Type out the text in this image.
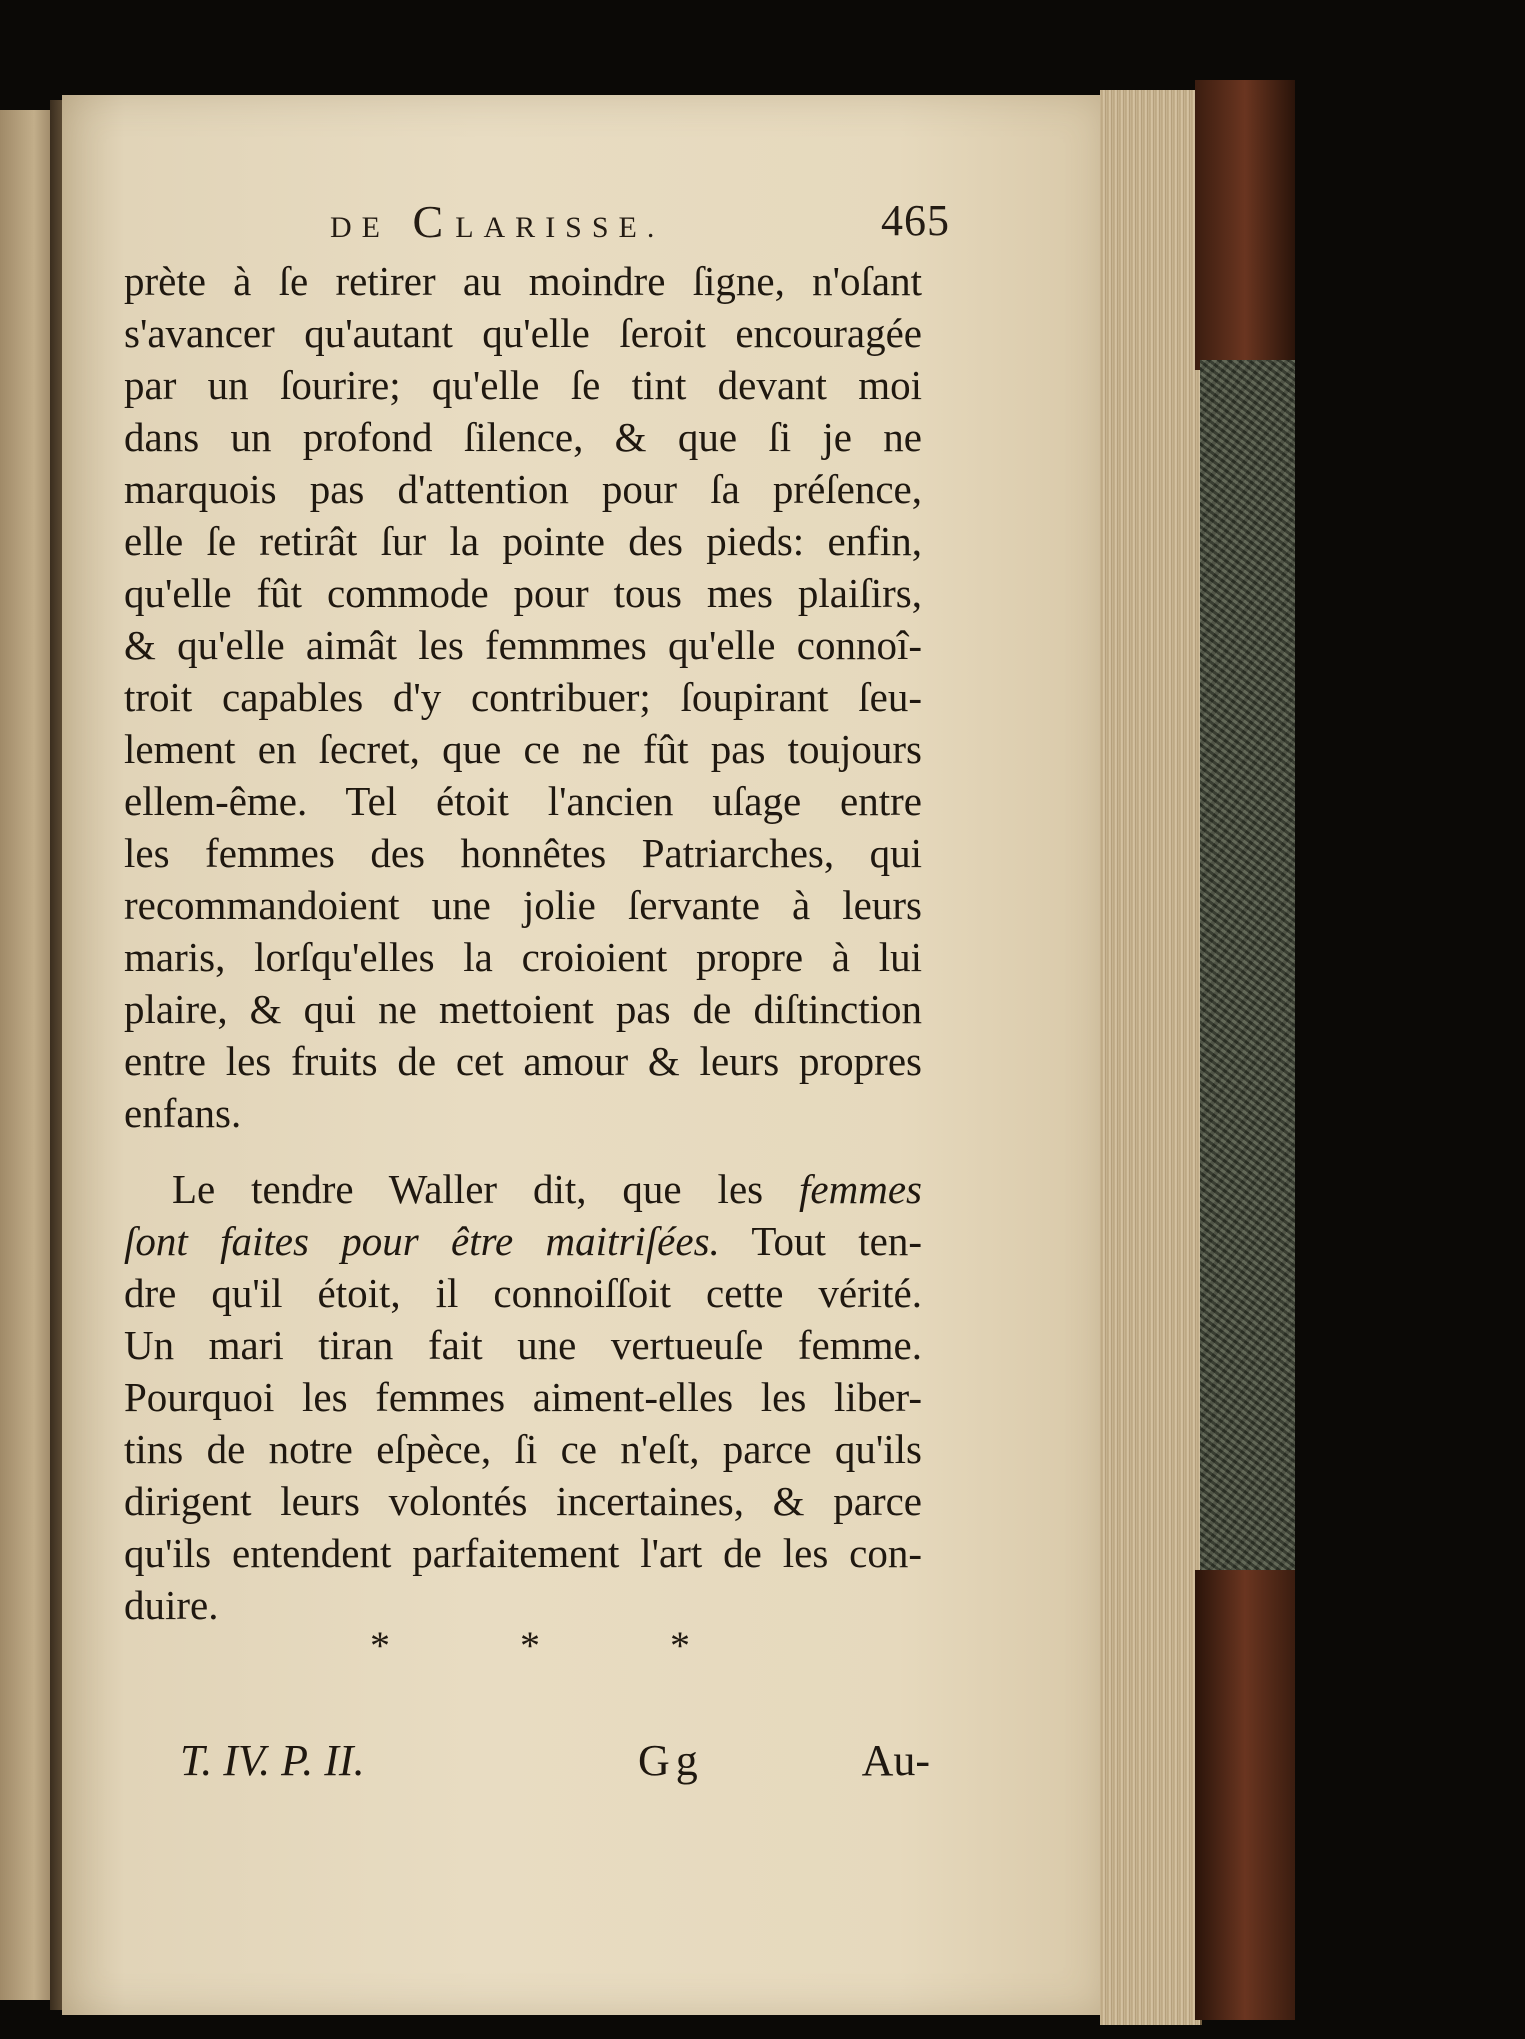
DE CLARISSE.	465
prète à ſe retirer au moindre ſigne, n'oſant
s'avancer qu'autant qu'elle ſeroit encouragée
par un ſourire; qu'elle ſe tint devant moi
dans un profond ſilence, & que ſi je ne
marquois pas d'attention pour ſa préſence,
elle ſe retirât ſur la pointe des pieds: enfin,
qu'elle fût commode pour tous mes plaiſirs,
& qu'elle aimât les femmmes qu'elle connoî-
troit capables d'y contribuer; ſoupirant ſeu-
lement en ſecret, que ce ne fût pas toujours
ellem-ême. Tel étoit l'ancien uſage entre
les femmes des honnêtes Patriarches, qui
recommandoient une jolie ſervante à leurs
maris, lorſqu'elles la croioient propre à lui
plaire, & qui ne mettoient pas de diſtinction
entre les fruits de cet amour & leurs propres
enfans.
Le tendre Waller dit, que les femmes
ſont faites pour être maitriſées. Tout ten-
dre qu'il étoit, il connoiſſoit cette vérité.
Un mari tiran fait une vertueuſe femme.
Pourquoi les femmes aiment-elles les liber-
tins de notre eſpèce, ſi ce n'eſt, parce qu'ils
dirigent leurs volontés incertaines, & parce
qu'ils entendent parfaitement l'art de les con-
duire.
*	*	*
T. IV. P. II.	Gg	Au-
